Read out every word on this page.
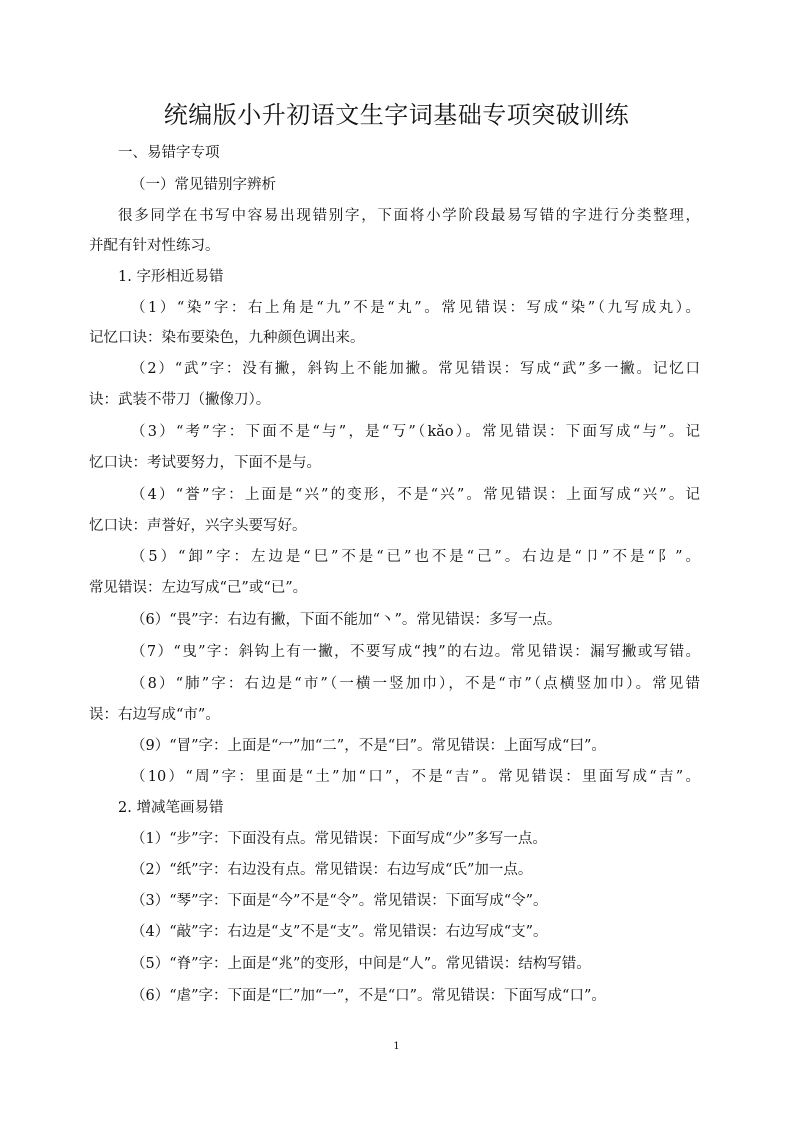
统编版小升初语文生字词基础专项突破训练
一、易错字专项
（一）常见错别字辨析
很多同学在书写中容易出现错别字，下面将小学阶段最易写错的字进行分类整理，
并配有针对性练习。
1. 字形相近易错
（1）“染”字：右上角是“九”不是“丸”。常见错误：写成“染”（九写成丸）。
记忆口诀：染布要染色，九种颜色调出来。
（2）“武”字：没有撇，斜钩上不能加撇。常见错误：写成“武”多一撇。记忆口
诀：武装不带刀（撇像刀）。
（3）“考”字：下面不是“与”，是“丂”（kǎo）。常见错误：下面写成“与”。记
忆口诀：考试要努力，下面不是与。
（4）“誉”字：上面是“兴”的变形，不是“兴”。常见错误：上面写成“兴”。记
忆口诀：声誉好，兴字头要写好。
（5）“卸”字：左边是“巳”不是“已”也不是“己”。右边是“卩”不是“阝”。
常见错误：左边写成“己”或“已”。
（6）“畏”字：右边有撇，下面不能加“丶”。常见错误：多写一点。
（7）“曳”字：斜钩上有一撇，不要写成“拽”的右边。常见错误：漏写撇或写错。
（8）“肺”字：右边是“市”（一横一竖加巾），不是“市”（点横竖加巾）。常见错
误：右边写成“市”。
（9）“冒”字：上面是“冖”加“二”，不是“曰”。常见错误：上面写成“曰”。
（10）“周”字：里面是“土”加“口”，不是“吉”。常见错误：里面写成“吉”。
2. 增减笔画易错
（1）“步”字：下面没有点。常见错误：下面写成“少”多写一点。
（2）“纸”字：右边没有点。常见错误：右边写成“氏”加一点。
（3）“琴”字：下面是“今”不是“令”。常见错误：下面写成“令”。
（4）“敲”字：右边是“攴”不是“支”。常见错误：右边写成“支”。
（5）“脊”字：上面是“兆”的变形，中间是“人”。常见错误：结构写错。
（6）“虐”字：下面是“匚”加“一”，不是“口”。常见错误：下面写成“口”。
1
